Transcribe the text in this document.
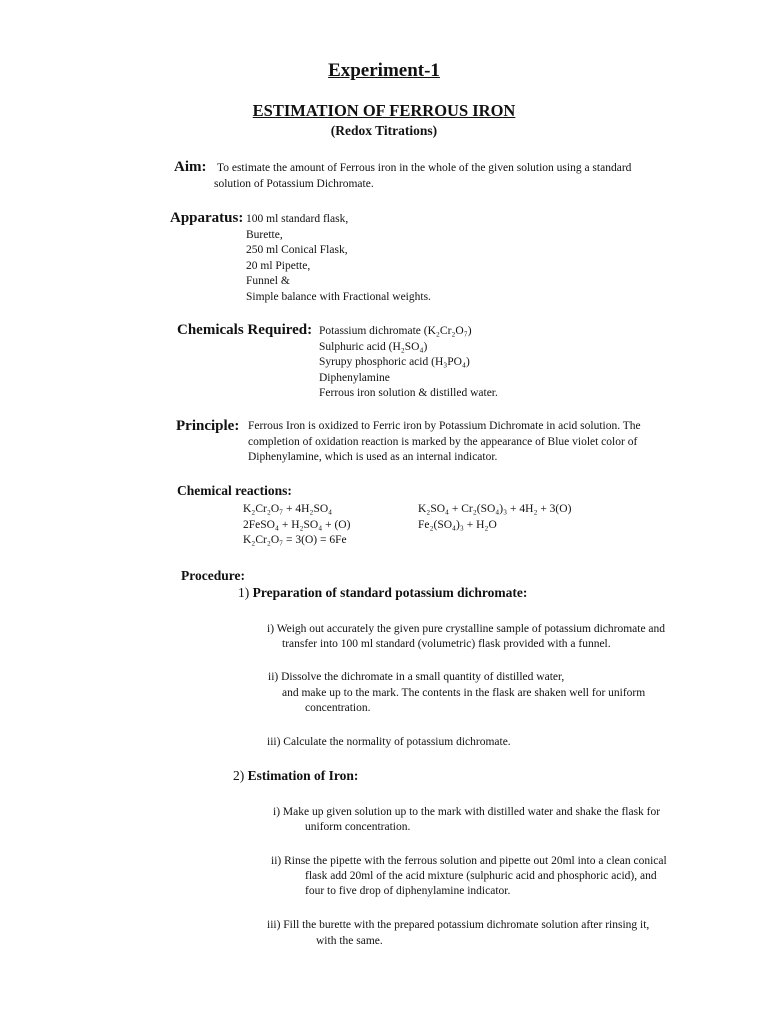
Experiment-1
ESTIMATION OF FERROUS IRON
(Redox Titrations)
Aim: To estimate the amount of Ferrous iron in the whole of the given solution using a standard
solution of Potassium Dichromate.
Apparatus: 100 ml standard flask,
Burette,
250 ml Conical Flask,
20 ml Pipette,
Funnel &
Simple balance with Fractional weights.
Chemicals Required: Potassium dichromate (K₂Cr₂O₇)
Sulphuric acid (H₂SO₄)
Syrupy phosphoric acid (H₃PO₄)
Diphenylamine
Ferrous iron solution & distilled water.
Principle: Ferrous Iron is oxidized to Ferric iron by Potassium Dichromate in acid solution. The
completion of oxidation reaction is marked by the appearance of Blue violet color of
Diphenylamine, which is used as an internal indicator.
Chemical reactions:
K₂Cr₂O₇ + 4H₂SO₄
2FeSO₄ + H₂SO₄ + (O)
K₂Cr₂O₇ = 3(O) = 6Fe
K₂SO₄ + Cr₂(SO₄)₃ + 4H₂ + 3(O)
Fe₂(SO₄)₃ + H₂O
Procedure:
1) Preparation of standard potassium dichromate:
i) Weigh out accurately the given pure crystalline sample of potassium dichromate and
transfer into 100 ml standard (volumetric) flask provided with a funnel.
ii) Dissolve the dichromate in a small quantity of distilled water,
and make up to the mark. The contents in the flask are shaken well for uniform
concentration.
iii) Calculate the normality of potassium dichromate.
2) Estimation of Iron:
i) Make up given solution up to the mark with distilled water and shake the flask for
uniform concentration.
ii) Rinse the pipette with the ferrous solution and pipette out 20ml into a clean conical
flask add 20ml of the acid mixture (sulphuric acid and phosphoric acid), and
four to five drop of diphenylamine indicator.
iii) Fill the burette with the prepared potassium dichromate solution after rinsing it,
with the same.
